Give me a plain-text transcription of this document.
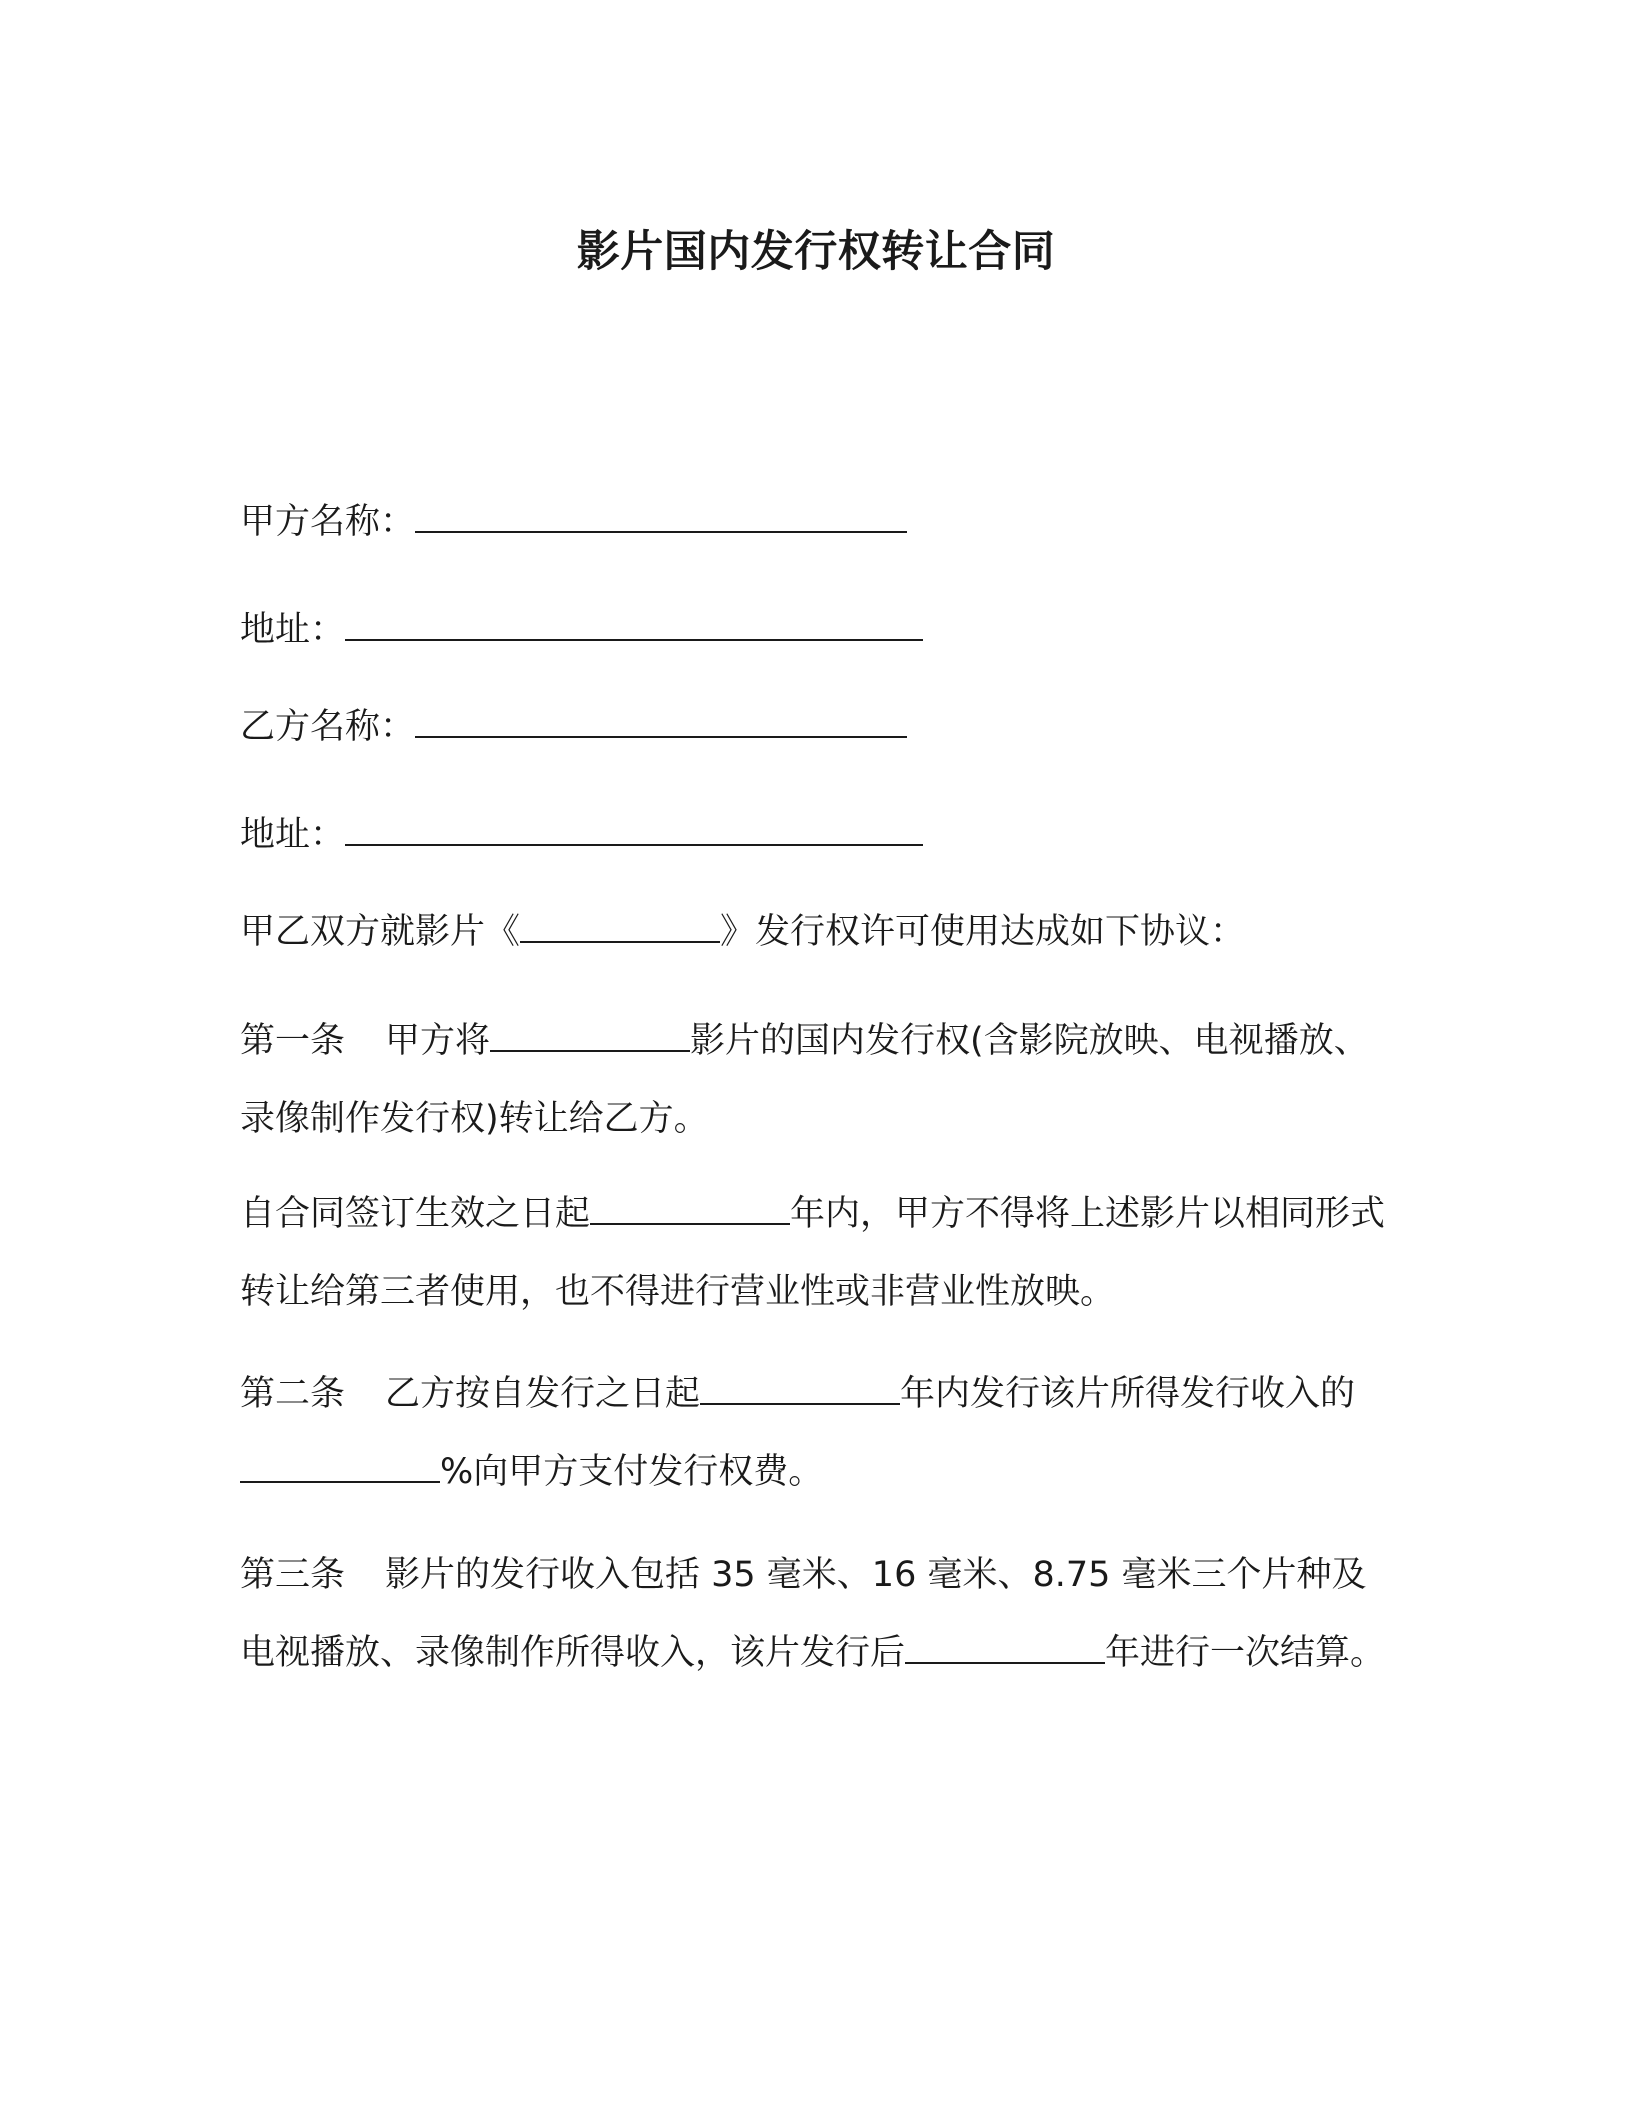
影片国内发行权转让合同
甲方名称：
地址：
乙方名称：
地址：
甲乙双方就影片《	》发行权许可使用达成如下协议：
第一条 甲方将	影片的国内发行权(含影院放映、电视播放、录像制作发行权)转让给乙方。
自合同签订生效之日起	年内，甲方不得将上述影片以相同形式转让给第三者使用，也不得进行营业性或非营业性放映。
第二条 乙方按自发行之日起	年内发行该片所得发行收入的%向甲方支付发行权费。
第三条 影片的发行收入包括 35 毫米、16 毫米、8.75 毫米三个片种及电视播放、录像制作所得收入，该片发行后	年进行一次结算。
